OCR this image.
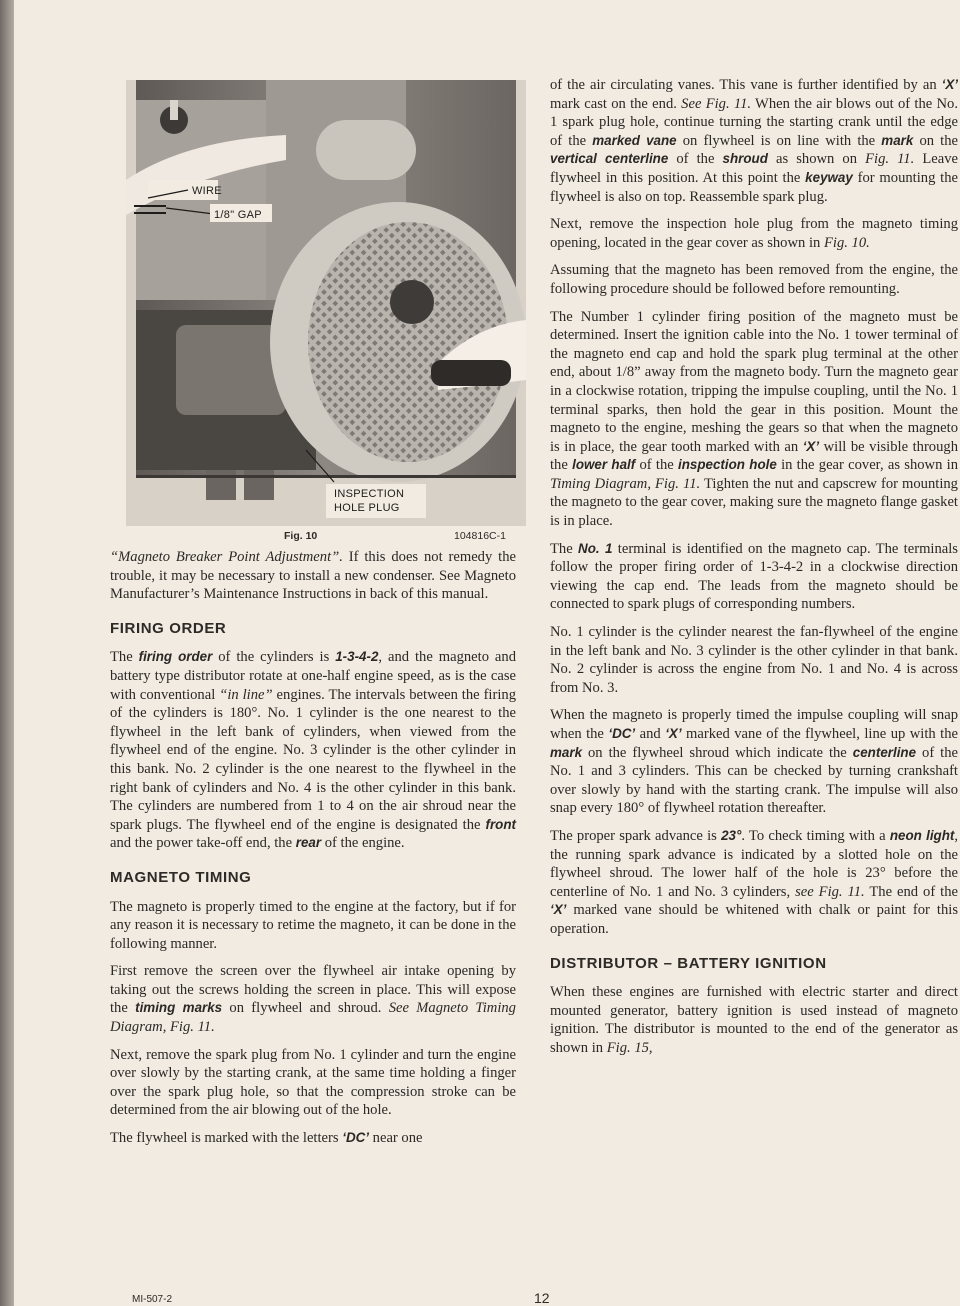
WIRE
1/8" GAP
INSPECTION
HOLE PLUG
Fig. 10	104816C-1

“Magneto Breaker Point Adjustment”. If this does not remedy the trouble, it may be necessary to install a new condenser. See Magneto Manufacturer’s Maintenance Instructions in back of this manual.

FIRING ORDER

The firing order of the cylinders is 1-3-4-2, and the magneto and battery type distributor rotate at one-half engine speed, as is the case with conventional “in line” engines. The intervals between the firing of the cylinders is 180°. No. 1 cylinder is the one nearest to the flywheel in the left bank of cylinders, when viewed from the flywheel end of the engine. No. 3 cylinder is the other cylinder in this bank. No. 2 cylinder is the one nearest to the flywheel in the right bank of cylinders and No. 4 is the other cylinder in this bank. The cylinders are numbered from 1 to 4 on the air shroud near the spark plugs. The flywheel end of the engine is designated the front and the power take-off end, the rear of the engine.

MAGNETO TIMING

The magneto is properly timed to the engine at the factory, but if for any reason it is necessary to retime the magneto, it can be done in the following manner.

First remove the screen over the flywheel air intake opening by taking out the screws holding the screen in place. This will expose the timing marks on flywheel and shroud. See Magneto Timing Diagram, Fig. 11.

Next, remove the spark plug from No. 1 cylinder and turn the engine over slowly by the starting crank, at the same time holding a finger over the spark plug hole, so that the compression stroke can be determined from the air blowing out of the hole.

The flywheel is marked with the letters ‘DC’ near one

of the air circulating vanes. This vane is further identified by an ‘X’ mark cast on the end. See Fig. 11. When the air blows out of the No. 1 spark plug hole, continue turning the starting crank until the edge of the marked vane on flywheel is on line with the mark on the vertical centerline of the shroud as shown on Fig. 11. Leave flywheel in this position. At this point the keyway for mounting the flywheel is also on top. Reassemble spark plug.

Next, remove the inspection hole plug from the magneto timing opening, located in the gear cover as shown in Fig. 10.

Assuming that the magneto has been removed from the engine, the following procedure should be followed before remounting.

The Number 1 cylinder firing position of the magneto must be determined. Insert the ignition cable into the No. 1 tower terminal of the magneto end cap and hold the spark plug terminal at the other end, about 1/8” away from the magneto body. Turn the magneto gear in a clockwise rotation, tripping the impulse coupling, until the No. 1 terminal sparks, then hold the gear in this position. Mount the magneto to the engine, meshing the gears so that when the magneto is in place, the gear tooth marked with an ‘X’ will be visible through the lower half of the inspection hole in the gear cover, as shown in Timing Diagram, Fig. 11. Tighten the nut and capscrew for mounting the magneto to the gear cover, making sure the magneto flange gasket is in place.

The No. 1 terminal is identified on the magneto cap. The terminals follow the proper firing order of 1-3-4-2 in a clockwise direction viewing the cap end. The leads from the magneto should be connected to spark plugs of corresponding numbers.

No. 1 cylinder is the cylinder nearest the fan-flywheel of the engine in the left bank and No. 3 cylinder is the other cylinder in that bank. No. 2 cylinder is across the engine from No. 1 and No. 4 is across from No. 3.

When the magneto is properly timed the impulse coupling will snap when the ‘DC’ and ‘X’ marked vane of the flywheel, line up with the mark on the flywheel shroud which indicate the centerline of the No. 1 and 3 cylinders. This can be checked by turning crankshaft over slowly by hand with the starting crank. The impulse will also snap every 180° of flywheel rotation thereafter.

The proper spark advance is 23°. To check timing with a neon light, the running spark advance is indicated by a slotted hole on the flywheel shroud. The lower half of the hole is 23° before the centerline of No. 1 and No. 3 cylinders, see Fig. 11. The end of the ‘X’ marked vane should be whitened with chalk or paint for this operation.

DISTRIBUTOR – BATTERY IGNITION

When these engines are furnished with electric starter and direct mounted generator, battery ignition is used instead of magneto ignition. The distributor is mounted to the end of the generator as shown in Fig. 15,

12
MI-507-2
